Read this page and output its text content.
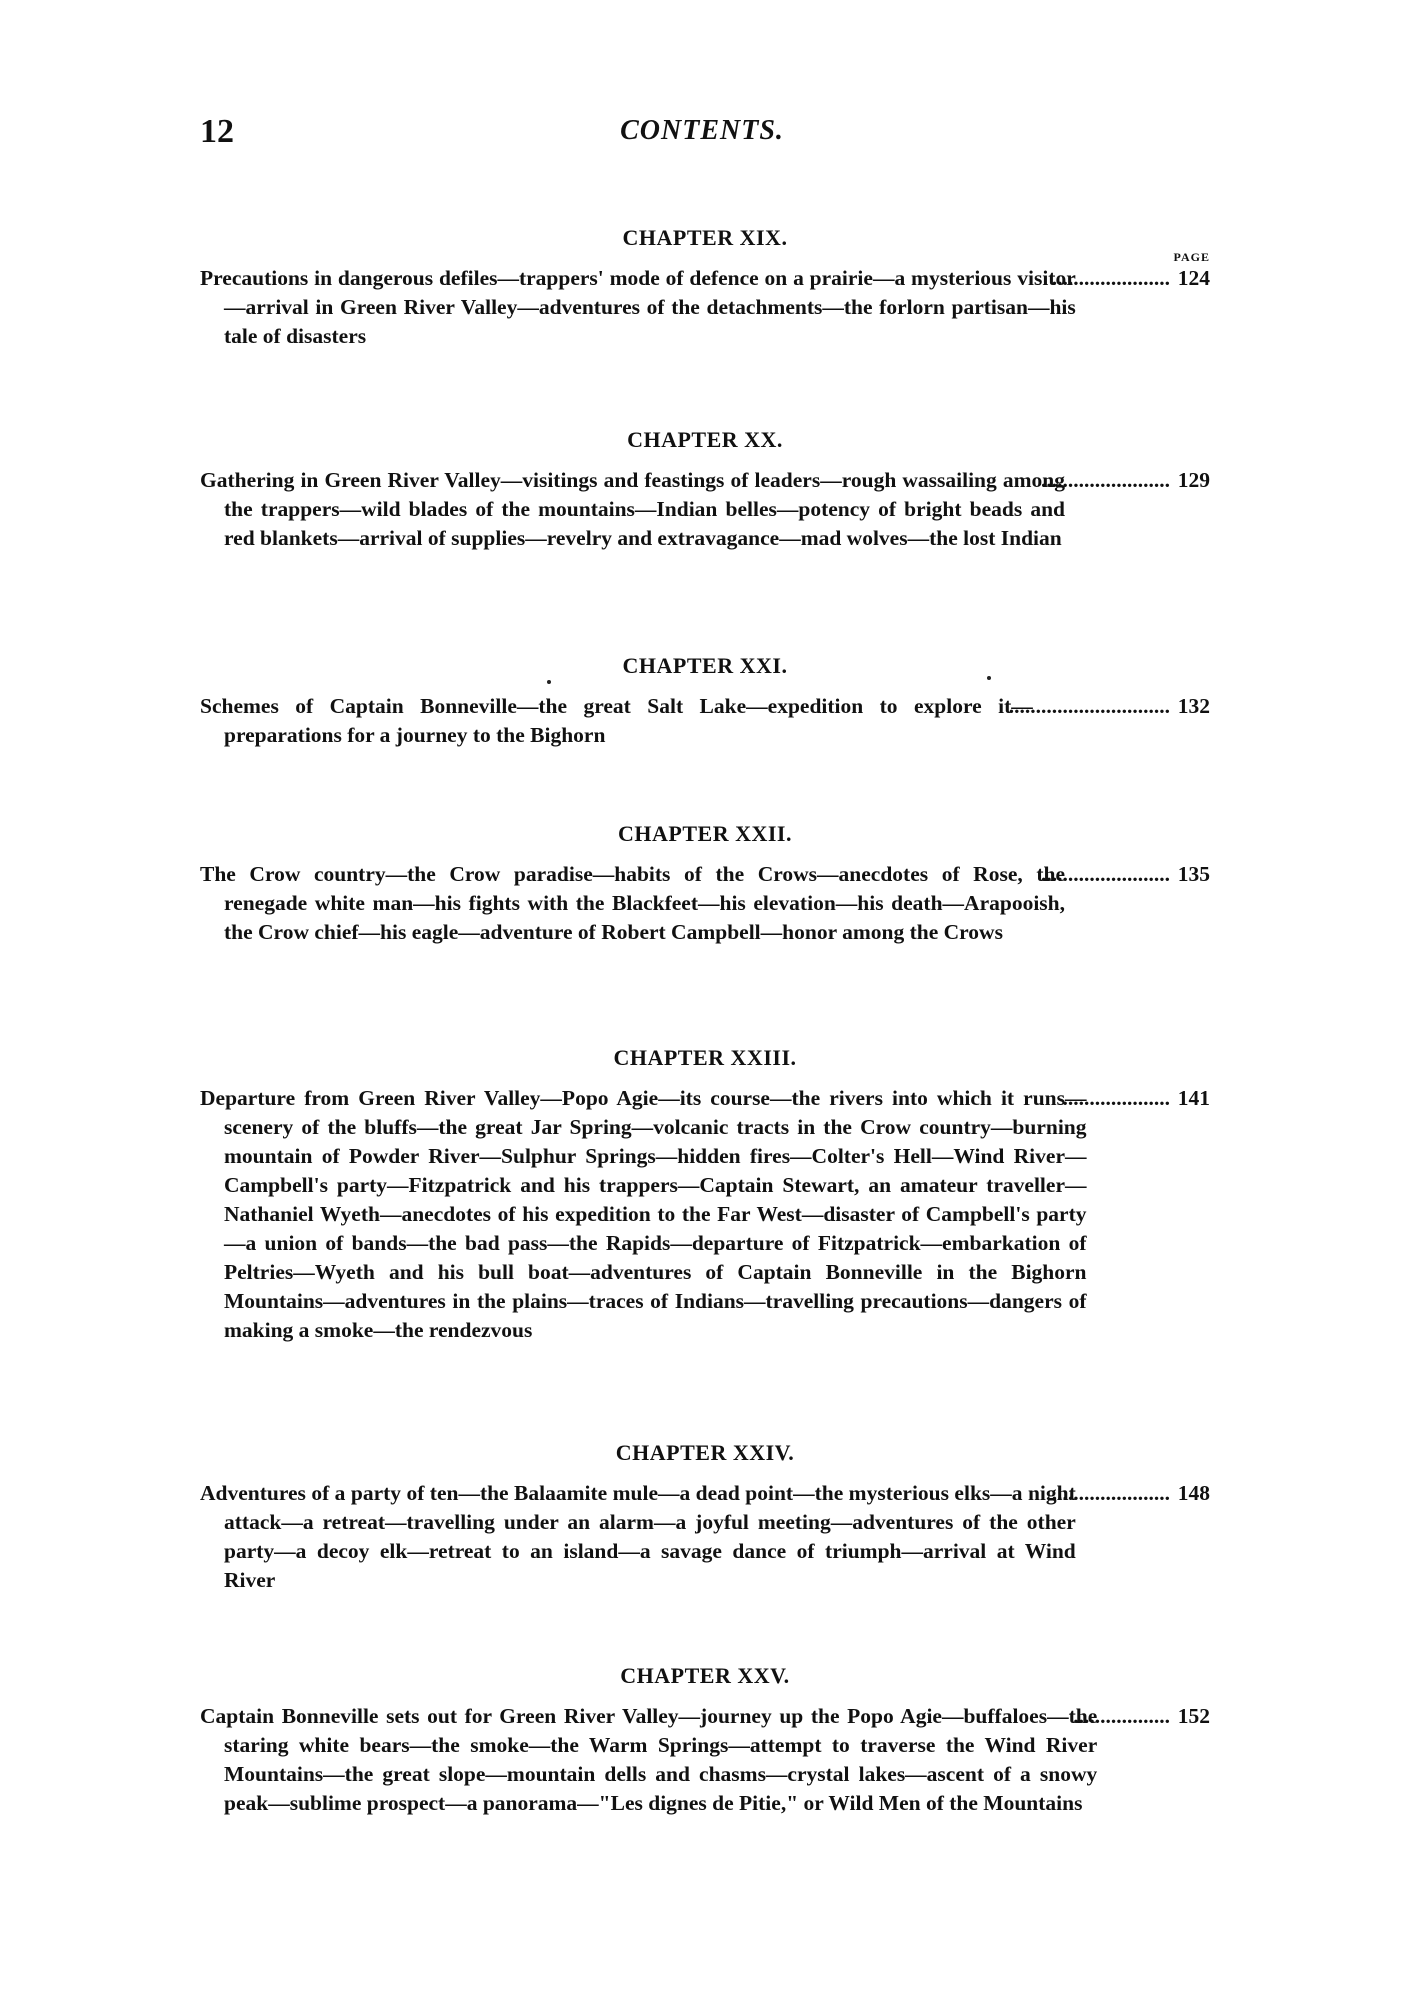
12	CONTENTS.
CHAPTER XIX.
PAGE
Precautions in dangerous defiles—trappers' mode of defence on a prairie—a mysterious visitor—arrival in Green River Valley—adventures of the detachments—the forlorn partisan—his tale of disasters
...................... 124
CHAPTER XX.
Gathering in Green River Valley—visitings and feastings of leaders—rough wassailing among the trappers—wild blades of the mountains—Indian belles—potency of bright beads and red blankets—arrival of supplies—revelry and extravagance—mad wolves—the lost Indian
........................ 129
CHAPTER XXI.
Schemes of Captain Bonneville—the great Salt Lake—expedition to explore it—preparations for a journey to the Bighorn
.............................. 132
CHAPTER XXII.
The Crow country—the Crow paradise—habits of the Crows—anecdotes of Rose, the renegade white man—his fights with the Blackfeet—his elevation—his death—Arapooish, the Crow chief—his eagle—adventure of Robert Campbell—honor among the Crows
........................ 135
CHAPTER XXIII.
Departure from Green River Valley—Popo Agie—its course—the rivers into which it runs—scenery of the bluffs—the great Jar Spring—volcanic tracts in the Crow country—burning mountain of Powder River—Sulphur Springs—hidden fires—Colter's Hell—Wind River—Campbell's party—Fitzpatrick and his trappers—Captain Stewart, an amateur traveller—Nathaniel Wyeth—anecdotes of his expedition to the Far West—disaster of Campbell's party—a union of bands—the bad pass—the Rapids—departure of Fitzpatrick—embarkation of Peltries—Wyeth and his bull boat—adventures of Captain Bonneville in the Bighorn Mountains—adventures in the plains—traces of Indians—travelling precautions—dangers of making a smoke—the rendezvous
.................... 141
CHAPTER XXIV.
Adventures of a party of ten—the Balaamite mule—a dead point—the mysterious elks—a night attack—a retreat—travelling under an alarm—a joyful meeting—adventures of the other party—a decoy elk—retreat to an island—a savage dance of triumph—arrival at Wind River
...................... 148
CHAPTER XXV.
Captain Bonneville sets out for Green River Valley—journey up the Popo Agie—buffaloes—the staring white bears—the smoke—the Warm Springs—attempt to traverse the Wind River Mountains—the great slope—mountain dells and chasms—crystal lakes—ascent of a snowy peak—sublime prospect—a panorama—"Les dignes de Pitie," or Wild Men of the Mountains
.................. 152
